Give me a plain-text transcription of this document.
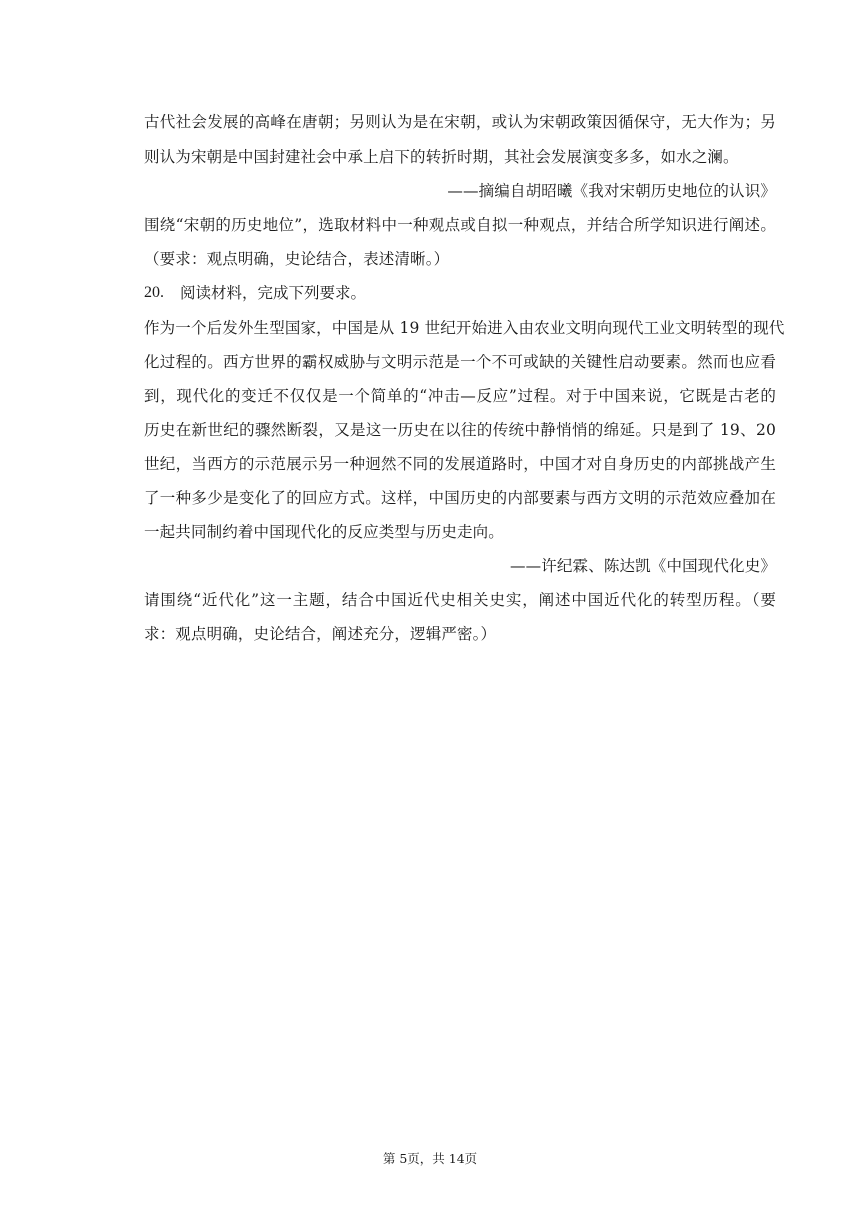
古代社会发展的高峰在唐朝；另则认为是在宋朝，或认为宋朝政策因循保守，无大作为；另
则认为宋朝是中国封建社会中承上启下的转折时期，其社会发展演变多多，如水之澜。
——摘编自胡昭曦《我对宋朝历史地位的认识》
围绕“宋朝的历史地位”，选取材料中一种观点或自拟一种观点，并结合所学知识进行阐述。
（要求：观点明确，史论结合，表述清晰。）
20. 阅读材料，完成下列要求。
作为一个后发外生型国家，中国是从 19 世纪开始进入由农业文明向现代工业文明转型的现代
化过程的。西方世界的霸权威胁与文明示范是一个不可或缺的关键性启动要素。然而也应看
到，现代化的变迁不仅仅是一个简单的“冲击—反应”过程。对于中国来说，它既是古老的
历史在新世纪的骤然断裂，又是这一历史在以往的传统中静悄悄的绵延。只是到了 19、20
世纪，当西方的示范展示另一种迥然不同的发展道路时，中国才对自身历史的内部挑战产生
了一种多少是变化了的回应方式。这样，中国历史的内部要素与西方文明的示范效应叠加在
一起共同制约着中国现代化的反应类型与历史走向。
——许纪霖、陈达凯《中国现代化史》
请围绕“近代化”这一主题，结合中国近代史相关史实，阐述中国近代化的转型历程。（要
求：观点明确，史论结合，阐述充分，逻辑严密。）
第 5页，共 14页
